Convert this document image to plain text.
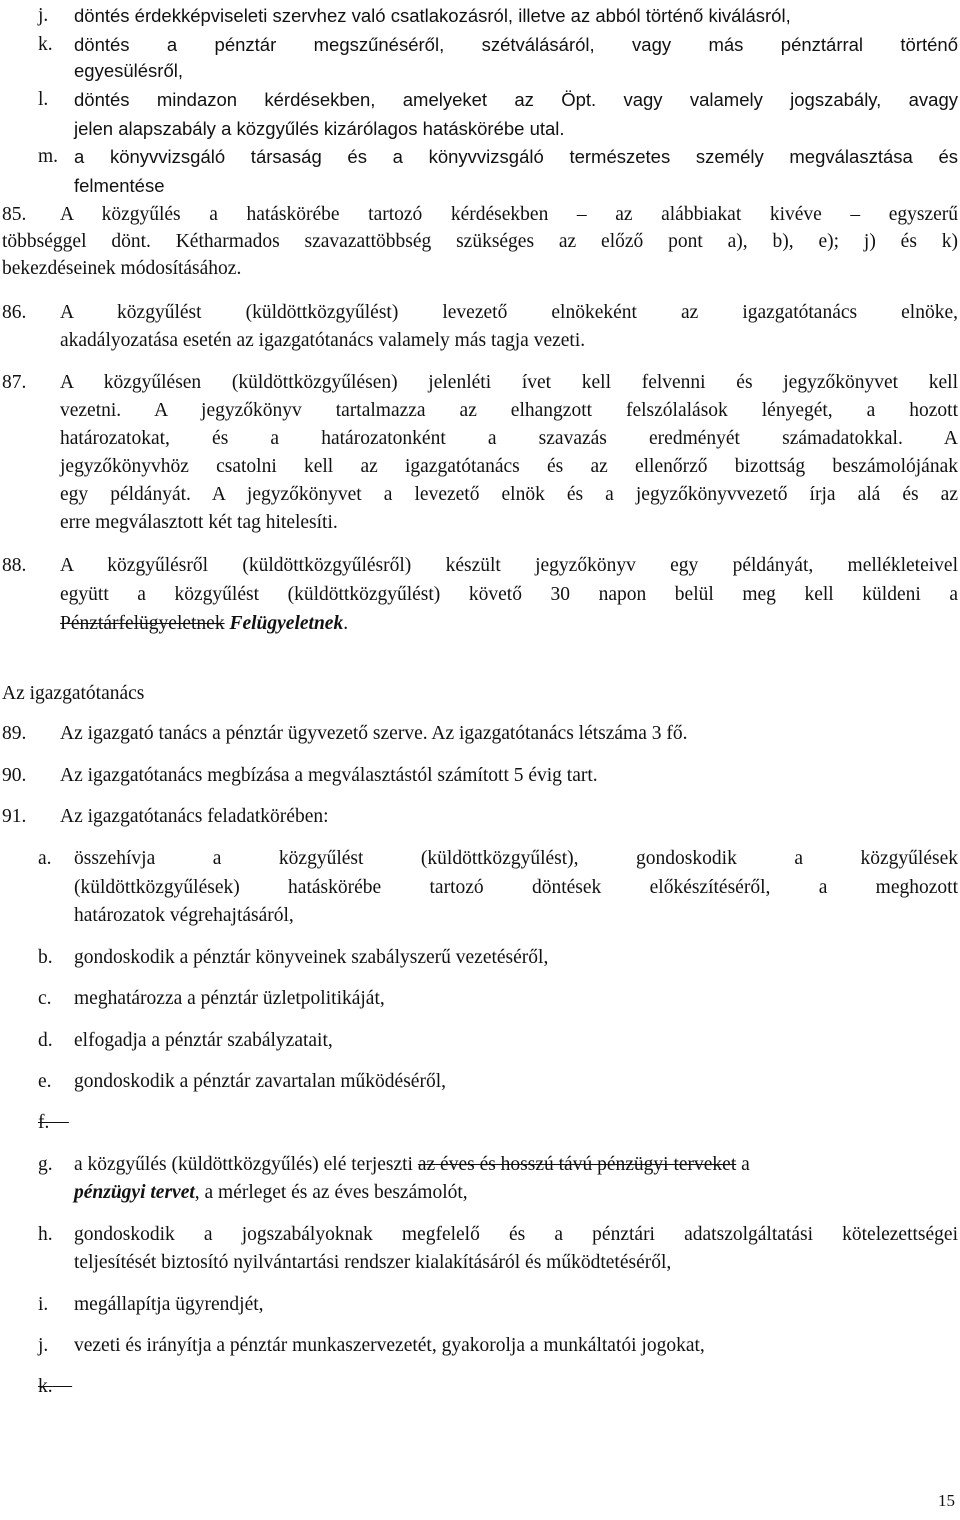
j. döntés érdekképviseleti szervhez való csatlakozásról, illetve az abból történő kiválásról,
k. döntés a pénztár megszűnéséről, szétválásáról, vagy más pénztárral történő
egyesülésről,
l. döntés mindazon kérdésekben, amelyeket az Öpt. vagy valamely jogszabály, avagy
jelen alapszabály a közgyűlés kizárólagos hatáskörébe utal.
m. a könyvvizsgáló társaság és a könyvvizsgáló természetes személy megválasztása és
felmentése
85. A közgyűlés a hatáskörébe tartozó kérdésekben – az alábbiakat kivéve – egyszerű
többséggel dönt. Kétharmados szavazattöbbség szükséges az előző pont a), b), e); j) és k)
bekezdéseinek módosításához.
86. A közgyűlést (küldöttközgyűlést) levezető elnökeként az igazgatótanács elnöke,
akadályozatása esetén az igazgatótanács valamely más tagja vezeti.
87. A közgyűlésen (küldöttközgyűlésen) jelenléti ívet kell felvenni és jegyzőkönyvet kell
vezetni. A jegyzőkönyv tartalmazza az elhangzott felszólalások lényegét, a hozott
határozatokat, és a határozatonként a szavazás eredményét számadatokkal. A
jegyzőkönyvhöz csatolni kell az igazgatótanács és az ellenőrző bizottság beszámolójának
egy példányát. A jegyzőkönyvet a levezető elnök és a jegyzőkönyvvezető írja alá és az
erre megválasztott két tag hitelesíti.
88. A közgyűlésről (küldöttközgyűlésről) készült jegyzőkönyv egy példányát, mellékleteivel
együtt a közgyűlést (küldöttközgyűlést) követő 30 napon belül meg kell küldeni a
Pénztárfelügyeletnek Felügyeletnek.
Az igazgatótanács
89. Az igazgató tanács a pénztár ügyvezető szerve. Az igazgatótanács létszáma 3 fő.
90. Az igazgatótanács megbízása a megválasztástól számított 5 évig tart.
91. Az igazgatótanács feladatkörében:
a. összehívja a közgyűlést (küldöttközgyűlést), gondoskodik a közgyűlések
(küldöttközgyűlések) hatáskörébe tartozó döntések előkészítéséről, a meghozott
határozatok végrehajtásáról,
b. gondoskodik a pénztár könyveinek szabályszerű vezetéséről,
c. meghatározza a pénztár üzletpolitikáját,
d. elfogadja a pénztár szabályzatait,
e. gondoskodik a pénztár zavartalan működéséről,
f.
g. a közgyűlés (küldöttközgyűlés) elé terjeszti az éves és hosszú távú pénzügyi terveket a
pénzügyi tervet, a mérleget és az éves beszámolót,
h. gondoskodik a jogszabályoknak megfelelő és a pénztári adatszolgáltatási kötelezettségei
teljesítését biztosító nyilvántartási rendszer kialakításáról és működtetéséről,
i. megállapítja ügyrendjét,
j. vezeti és irányítja a pénztár munkaszervezetét, gyakorolja a munkáltatói jogokat,
k.
15
